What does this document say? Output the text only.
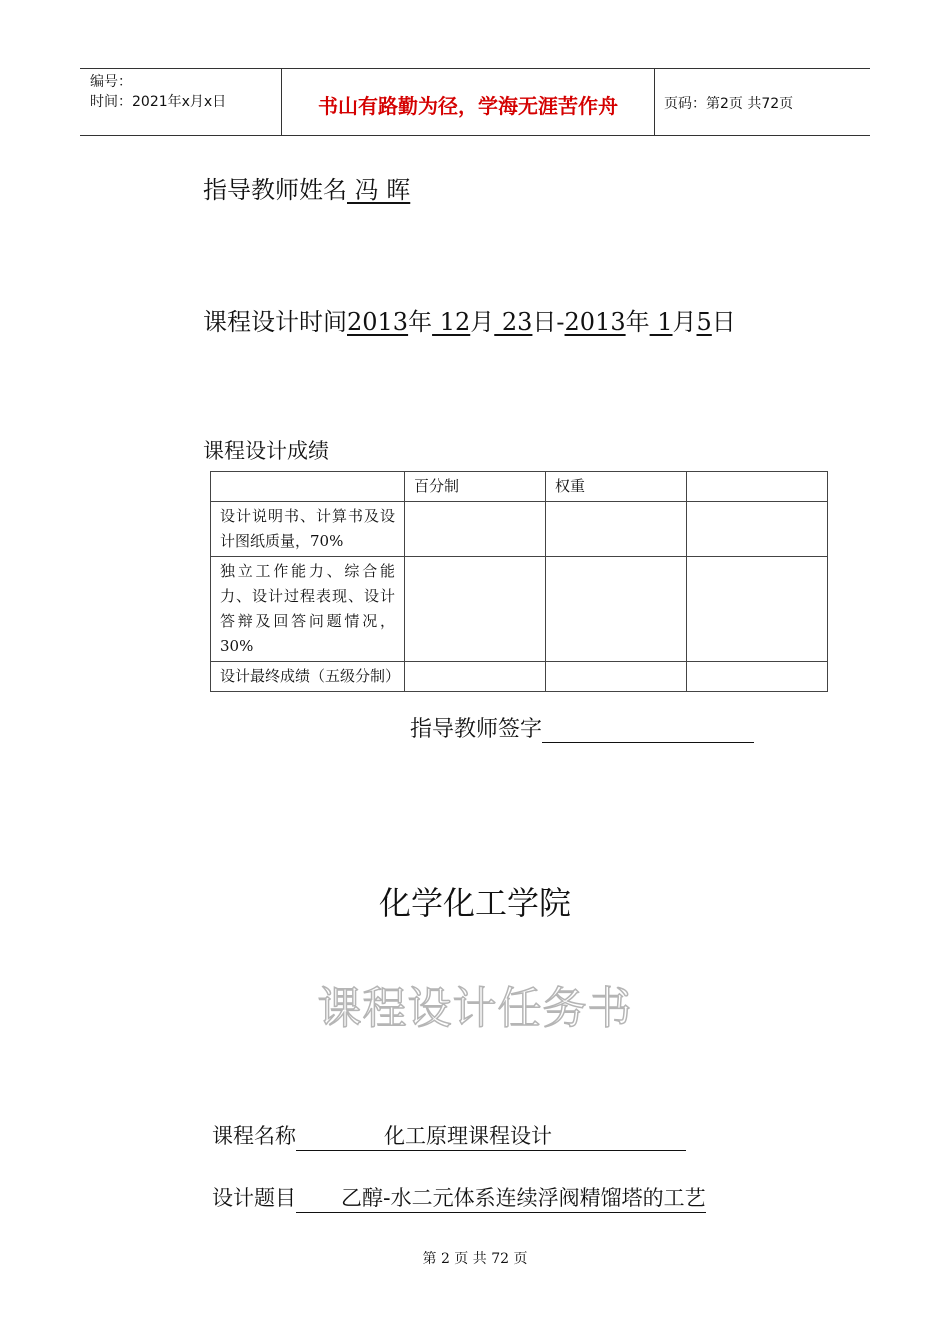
编号：
时间：2021年x月x日	书山有路勤为径，学海无涯苦作舟	页码：第2页 共72页
指导教师姓名 冯 晖
课程设计时间2013年 12月 23日-2013年 1月5日
课程设计成绩
	百分制	权重	
设计说明书、计算书及设计图纸质量，70%			
独立工作能力、综合能力、设计过程表现、设计答辩及回答问题情况，30%			
设计最终成绩（五级分制）			
指导教师签字
化学化工学院
课程设计任务书
课程名称	化工原理课程设计
设计题目 乙醇-水二元体系连续浮阀精馏塔的工艺
第 2 页 共 72 页
